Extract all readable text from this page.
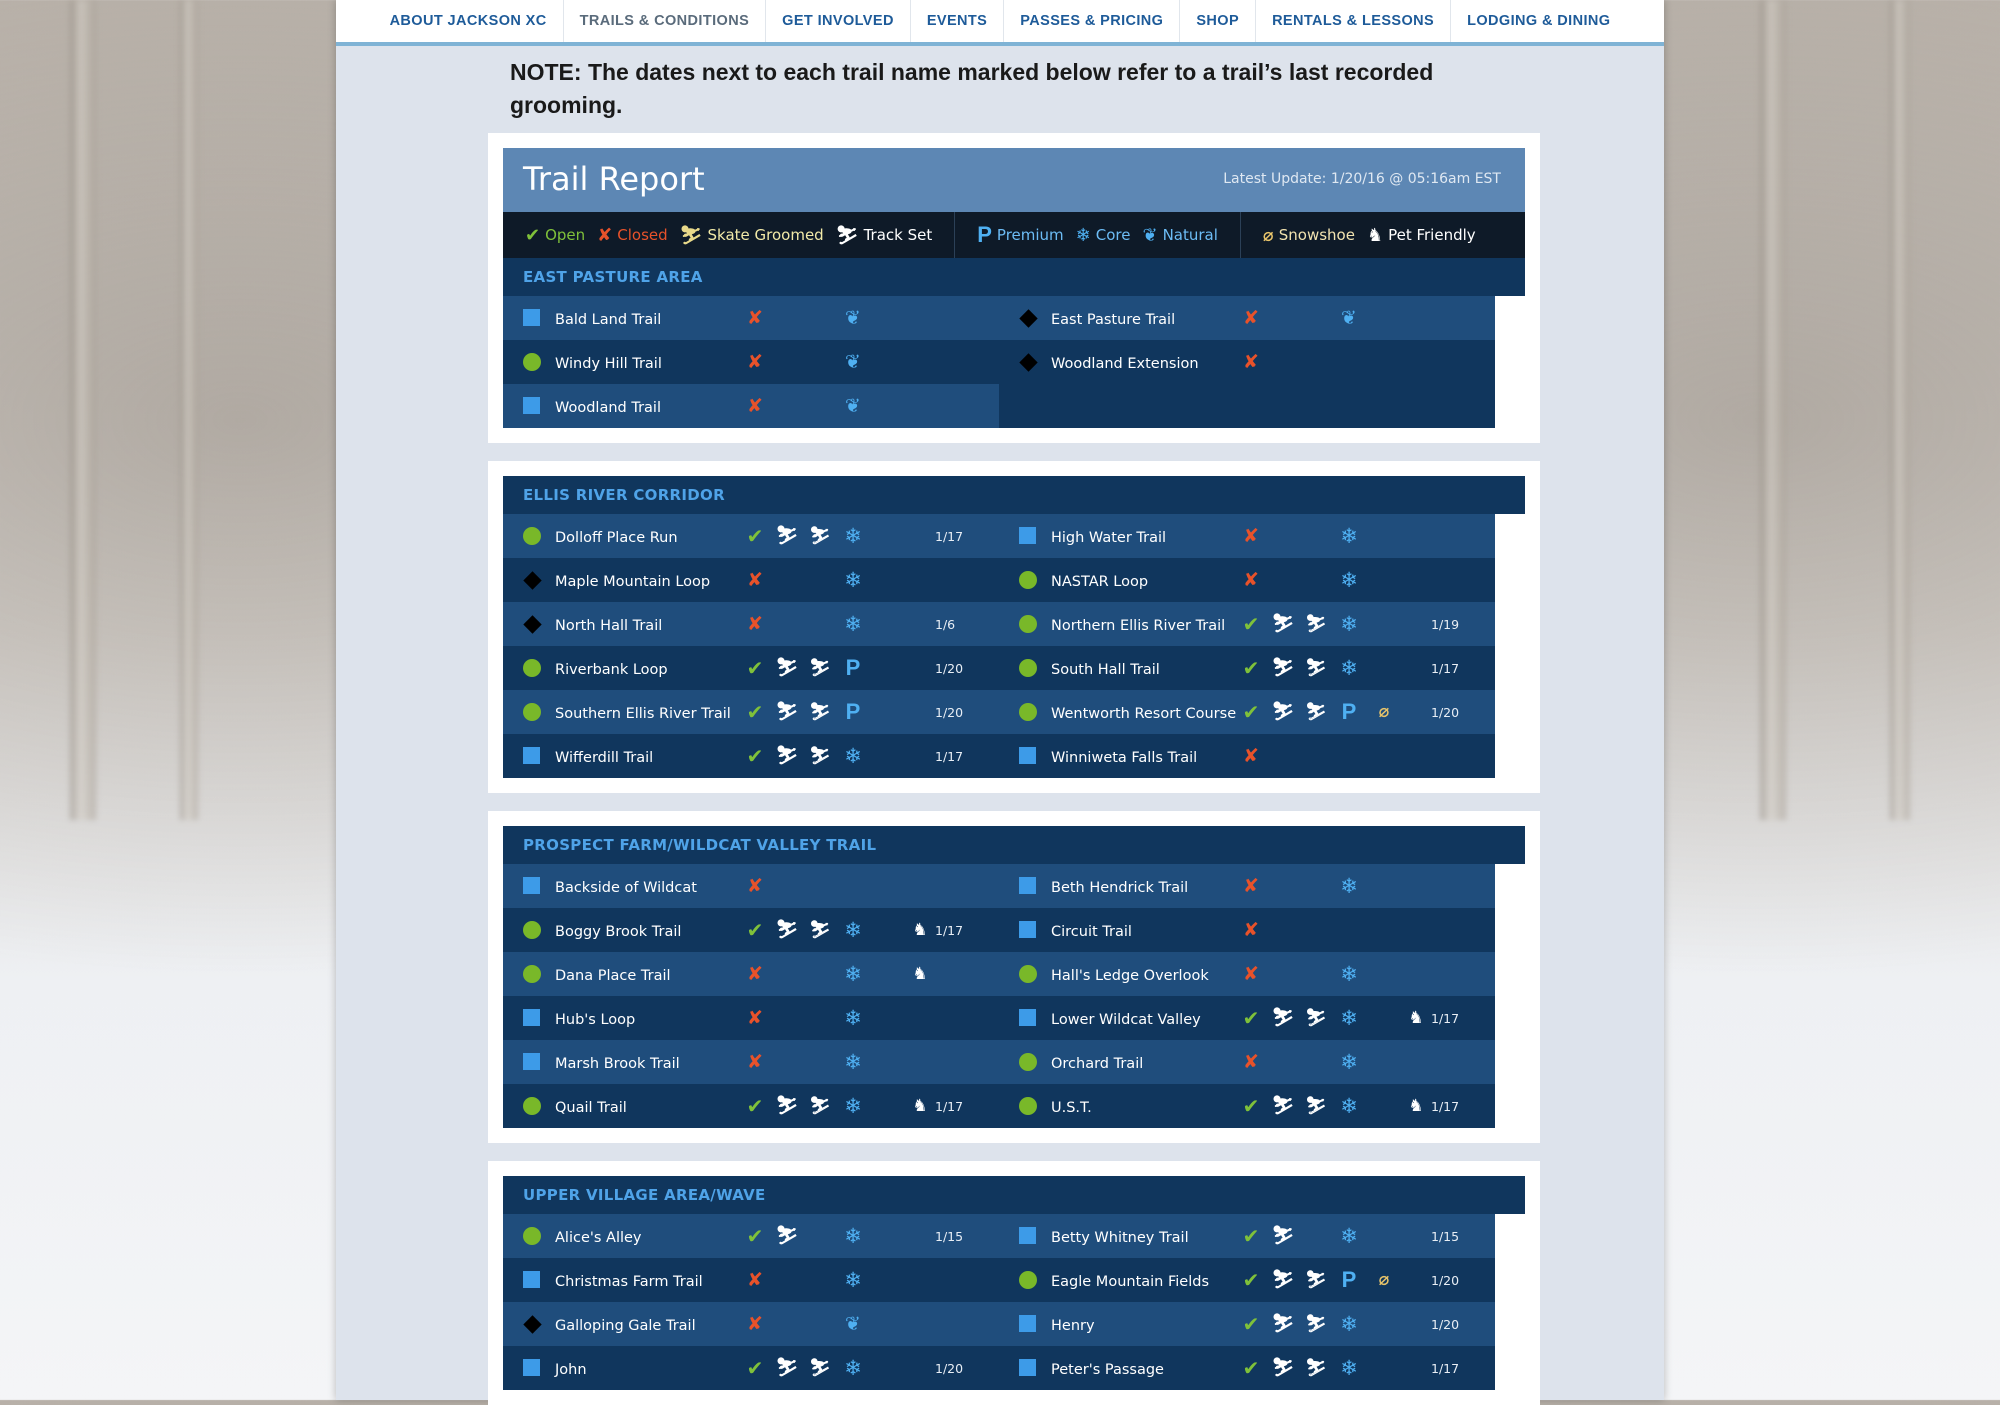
ABOUT JACKSON XC	TRAILS & CONDITIONS	GET INVOLVED	EVENTS	PASSES & PRICING	SHOP	RENTALS & LESSONS	LODGING & DINING
NOTE: The dates next to each trail name marked below refer to a trail’s last recorded grooming.
Trail Report	Latest Update: 1/20/16 @ 05:16am EST
✔ Open ✘ Closed ⛷ Skate Groomed ⛷ Track Set P Premium ❄ Core ❦ Natural	⌀ Snowshoe ♞ Pet Friendly
EAST PASTURE AREA
Bald Land Trail	✘	❦	East Pasture Trail	✘	❦
Windy Hill Trail	✘	❦	Woodland Extension ✘
Woodland Trail	✘	❦
ELLIS RIVER CORRIDOR
Dolloff Place Run	✔ ⛷ ⛷ ❄	1/17	High Water Trail	✘	❄
Maple Mountain Loop ✘	❄	NASTAR Loop	✘	❄
North Hall Trail	✘	❄	1/6	Northern Ellis River Trail ✔ ⛷ ⛷ ❄	1/19
Riverbank Loop	✔ ⛷ ⛷ P	1/20	South Hall Trail	✔ ⛷ ⛷ ❄	1/17
Southern Ellis River Trail ✔ ⛷ ⛷ P	1/20	Wentworth Resort Course ✔ ⛷ ⛷ P	⌀	1/20
Wifferdill Trail	✔ ⛷ ⛷ ❄	1/17	Winniweta Falls Trail ✘
PROSPECT FARM/WILDCAT VALLEY TRAIL
Backside of Wildcat	✘	Beth Hendrick Trail	✘	❄
Boggy Brook Trail	✔ ⛷ ⛷ ❄	♞ 1/17	Circuit Trail	✘
Dana Place Trail	✘	❄	♞	Hall's Ledge Overlook ✘	❄
Hub's Loop	✘	❄	Lower Wildcat Valley ✔ ⛷ ⛷ ❄	♞ 1/17
Marsh Brook Trail	✘	❄	Orchard Trail	✘	❄
Quail Trail	✔ ⛷ ⛷ ❄	♞ 1/17	U.S.T.	✔ ⛷ ⛷ ❄	♞ 1/17
UPPER VILLAGE AREA/WAVE
Alice's Alley	✔ ⛷ ❄	1/15	Betty Whitney Trail	✔ ⛷ ❄	1/15
Christmas Farm Trail ✘	❄	Eagle Mountain Fields ✔ ⛷ ⛷ P	⌀	1/20
Galloping Gale Trail	✘	❦	Henry	✔ ⛷ ⛷ ❄	1/20
John	✔ ⛷ ⛷ ❄	1/20	Peter's Passage	✔ ⛷ ⛷ ❄	1/17
